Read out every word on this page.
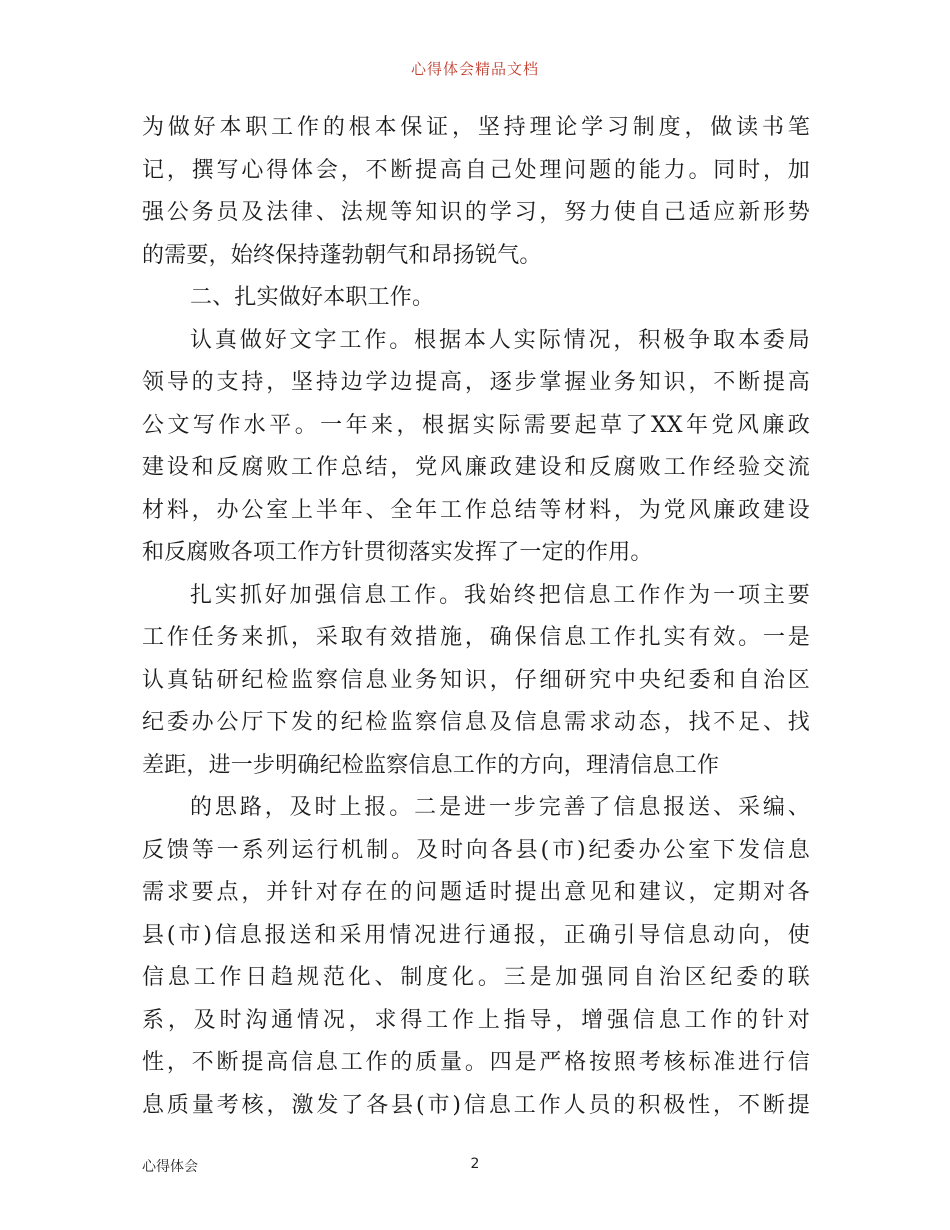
心得体会精品文档
为做好本职工作的根本保证，坚持理论学习制度，做读书笔
记，撰写心得体会，不断提高自己处理问题的能力。同时，加
强公务员及法律、法规等知识的学习，努力使自己适应新形势
的需要，始终保持蓬勃朝气和昂扬锐气。
二、扎实做好本职工作。
认真做好文字工作。根据本人实际情况，积极争取本委局
领导的支持，坚持边学边提高，逐步掌握业务知识，不断提高
公文写作水平。一年来，根据实际需要起草了XX年党风廉政
建设和反腐败工作总结，党风廉政建设和反腐败工作经验交流
材料，办公室上半年、全年工作总结等材料，为党风廉政建设
和反腐败各项工作方针贯彻落实发挥了一定的作用。
扎实抓好加强信息工作。我始终把信息工作作为一项主要
工作任务来抓，采取有效措施，确保信息工作扎实有效。一是
认真钻研纪检监察信息业务知识，仔细研究中央纪委和自治区
纪委办公厅下发的纪检监察信息及信息需求动态，找不足、找
差距，进一步明确纪检监察信息工作的方向，理清信息工作
的思路，及时上报。二是进一步完善了信息报送、采编、
反馈等一系列运行机制。及时向各县(市)纪委办公室下发信息
需求要点，并针对存在的问题适时提出意见和建议，定期对各
县(市)信息报送和采用情况进行通报，正确引导信息动向，使
信息工作日趋规范化、制度化。三是加强同自治区纪委的联
系，及时沟通情况，求得工作上指导，增强信息工作的针对
性，不断提高信息工作的质量。四是严格按照考核标准进行信
息质量考核，激发了各县(市)信息工作人员的积极性，不断提
心得体会	2
